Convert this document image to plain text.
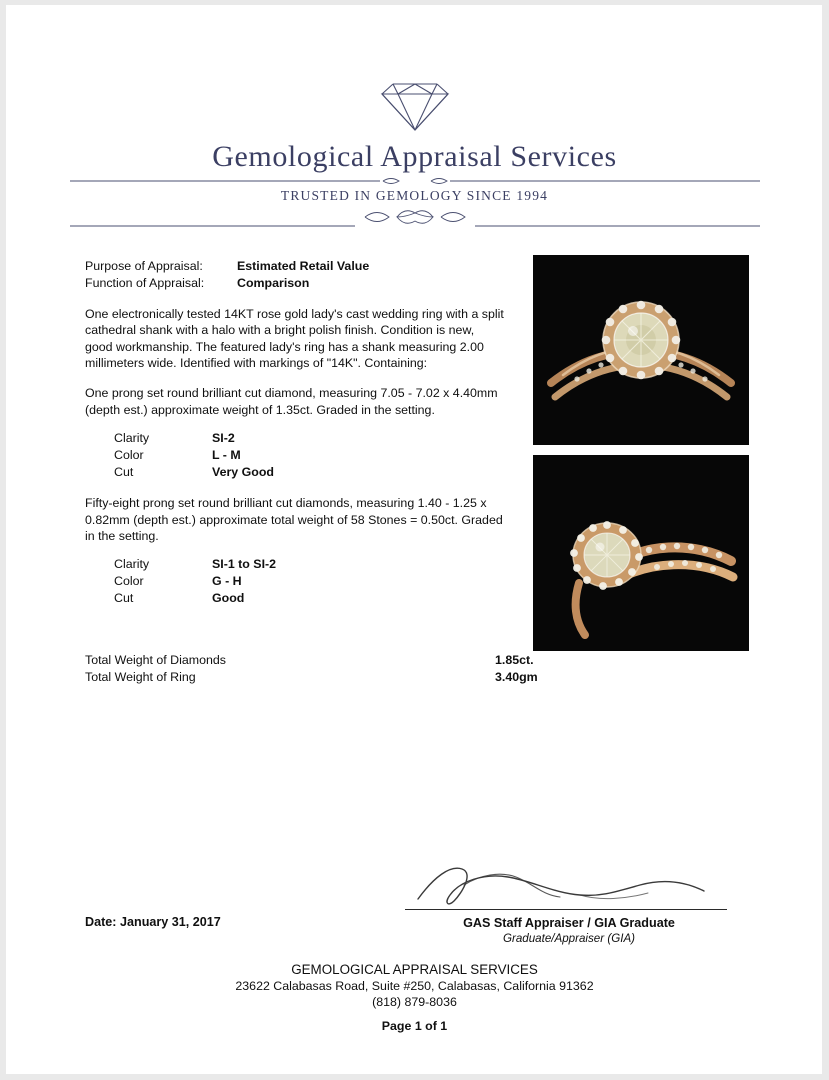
Gemological Appraisal Services
TRUSTED IN GEMOLOGY SINCE 1994
Purpose of Appraisal:	Estimated Retail Value
Function of Appraisal:	Comparison
One electronically tested 14KT rose gold lady's cast wedding ring with a split cathedral shank with a halo with a bright polish finish. Condition is new, good workmanship. The featured lady's ring has a shank measuring 2.00 millimeters wide. Identified with markings of "14K". Containing:
One prong set round brilliant cut diamond, measuring 7.05 - 7.02 x 4.40mm (depth est.) approximate weight of 1.35ct. Graded in the setting.
Clarity	SI-2
Color	L - M
Cut	Very Good
Fifty-eight prong set round brilliant cut diamonds, measuring 1.40 - 1.25 x 0.82mm (depth est.) approximate total weight of 58 Stones = 0.50ct. Graded in the setting.
Clarity	SI-1 to SI-2
Color	G - H
Cut	Good
Total Weight of Diamonds	1.85ct.
Total Weight of Ring	3.40gm
Date: January 31, 2017	GAS Staff Appraiser / GIA Graduate
Graduate/Appraiser (GIA)
GEMOLOGICAL APPRAISAL SERVICES
23622 Calabasas Road, Suite #250, Calabasas, California 91362
(818) 879-8036
Page 1 of 1
